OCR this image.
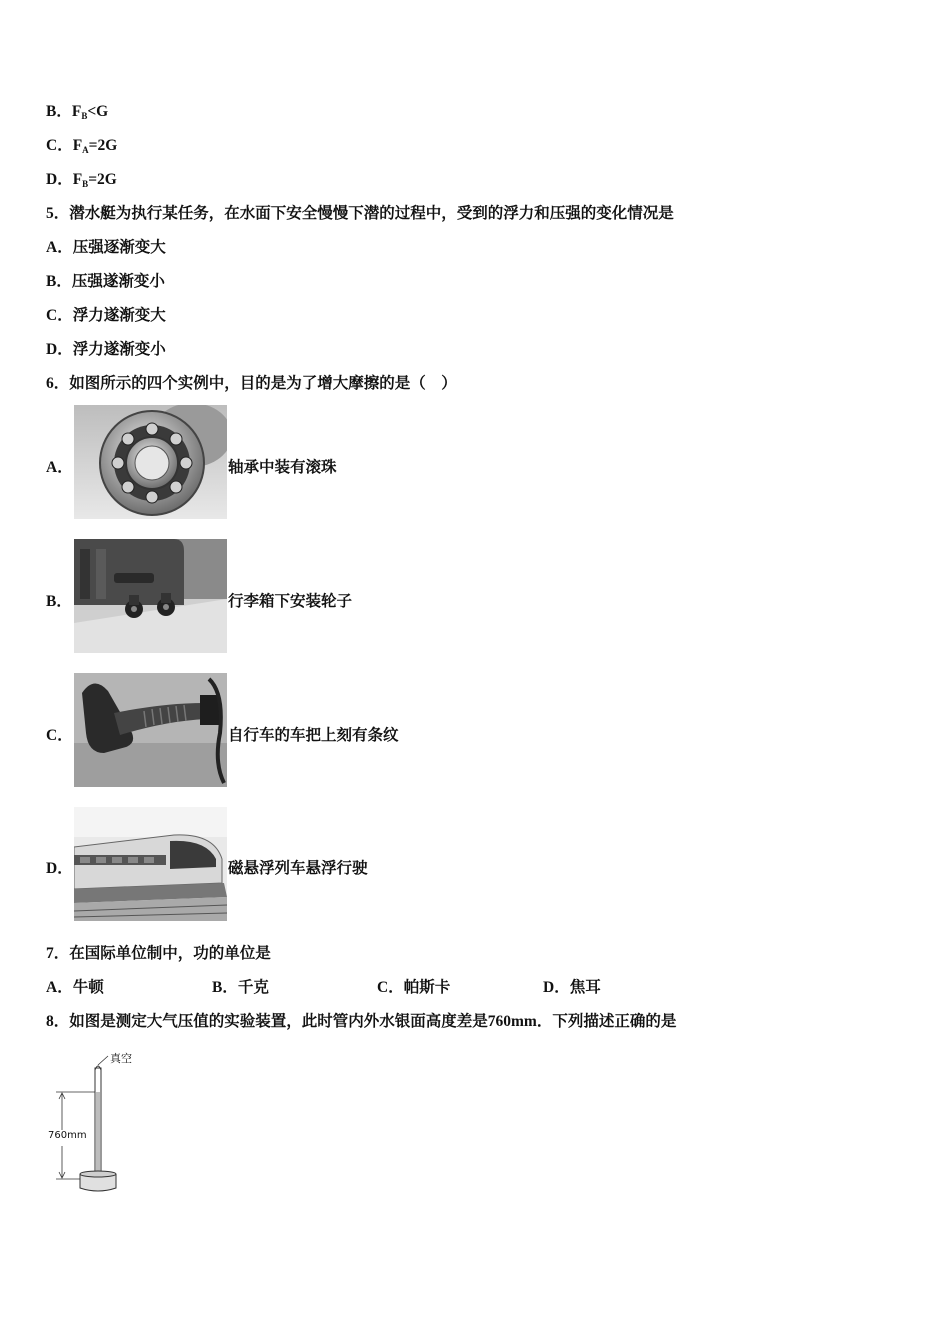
B．FB<G
C．FA=2G
D．FB=2G
5．潜水艇为执行某任务，在水面下安全慢慢下潜的过程中，受到的浮力和压强的变化情况是
A．压强逐渐变大
B．压强遂渐变小
C．浮力遂渐变大
D．浮力遂渐变小
6．如图所示的四个实例中，目的是为了增大摩擦的是（　）
A．	轴承中装有滚珠
B．	行李箱下安装轮子
C．	自行车的车把上刻有条纹
D．	磁悬浮列车悬浮行驶
7．在国际单位制中，功的单位是
A．牛顿	B．千克	C．帕斯卡	D．焦耳
8．如图是测定大气压值的实验装置，此时管内外水银面高度差是760mm．下列描述正确的是
真空
760mm
